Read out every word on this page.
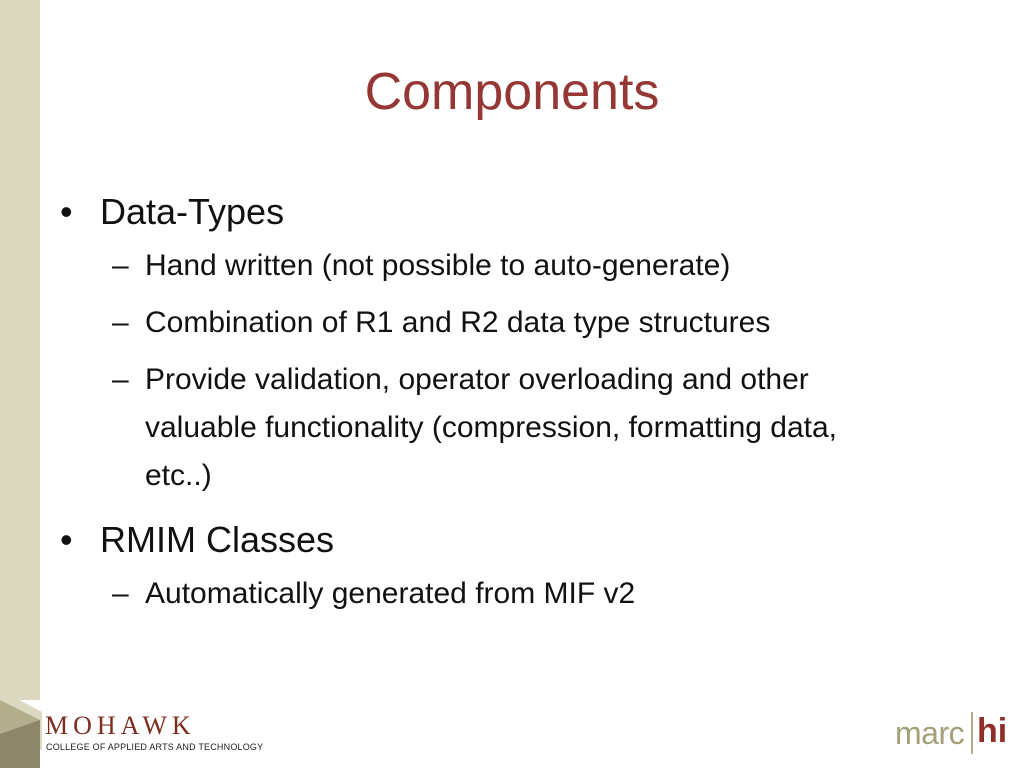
Components
• Data-Types
– Hand written (not possible to auto-generate)
– Combination of R1 and R2 data type structures
– Provide validation, operator overloading and other valuable functionality (compression, formatting data, etc..)
• RMIM Classes
– Automatically generated from MIF v2
MOHAWK
COLLEGE OF APPLIED ARTS AND TECHNOLOGY	marc hi
